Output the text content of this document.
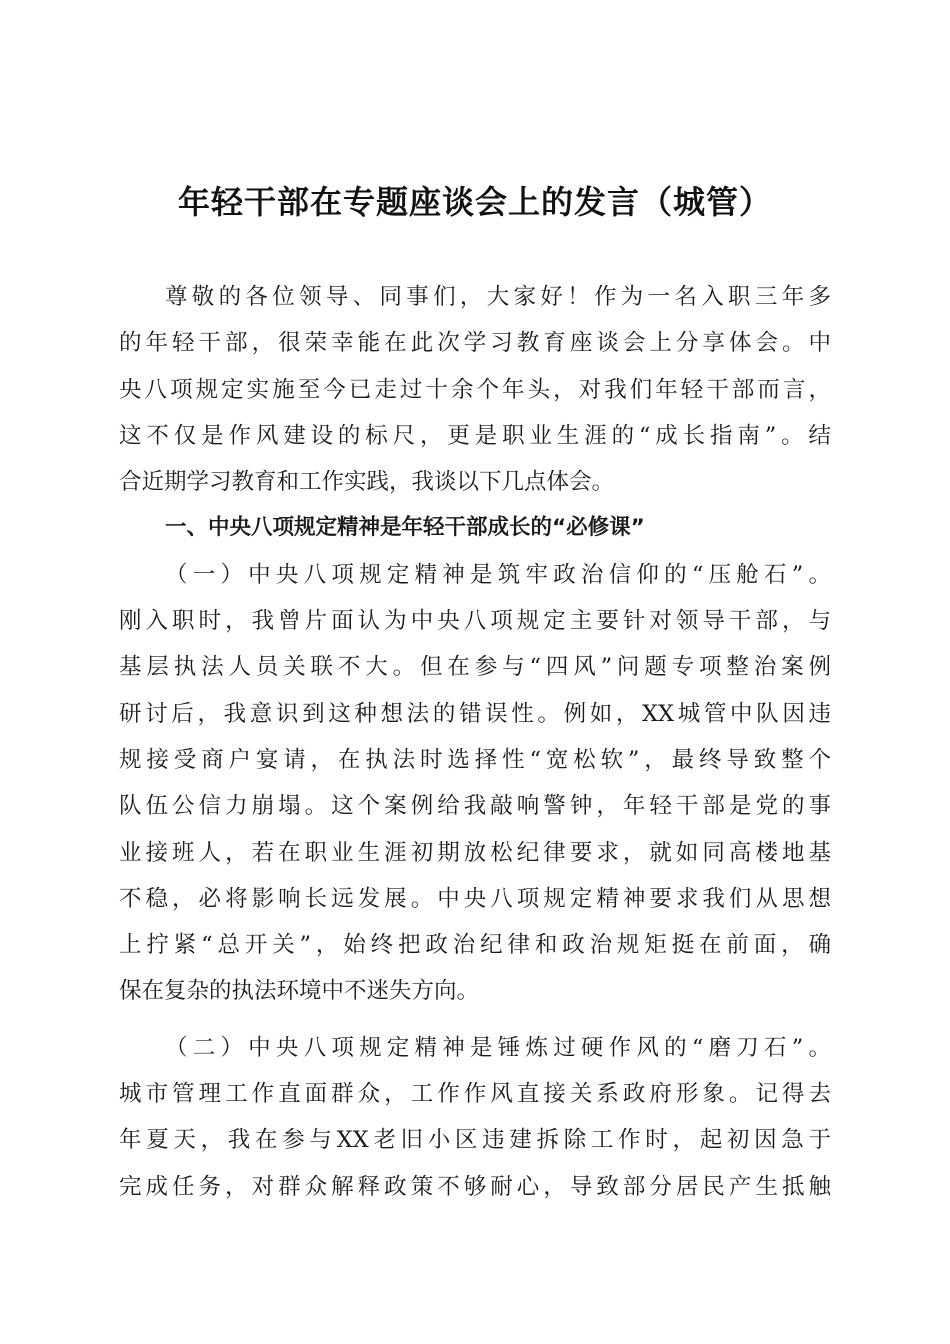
年轻干部在专题座谈会上的发言（城管）
尊敬的各位领导、同事们，大家好！作为一名入职三年多
的年轻干部，很荣幸能在此次学习教育座谈会上分享体会。中
央八项规定实施至今已走过十余个年头，对我们年轻干部而言，
这不仅是作风建设的标尺，更是职业生涯的“成长指南”。结
合近期学习教育和工作实践，我谈以下几点体会。
一、中央八项规定精神是年轻干部成长的“必修课”
（一）中央八项规定精神是筑牢政治信仰的“压舱石”。
刚入职时，我曾片面认为中央八项规定主要针对领导干部，与
基层执法人员关联不大。但在参与“四风”问题专项整治案例
研讨后，我意识到这种想法的错误性。例如，XX城管中队因违
规接受商户宴请，在执法时选择性“宽松软”，最终导致整个
队伍公信力崩塌。这个案例给我敲响警钟，年轻干部是党的事
业接班人，若在职业生涯初期放松纪律要求，就如同高楼地基
不稳，必将影响长远发展。中央八项规定精神要求我们从思想
上拧紧“总开关”，始终把政治纪律和政治规矩挺在前面，确
保在复杂的执法环境中不迷失方向。
（二）中央八项规定精神是锤炼过硬作风的“磨刀石”。
城市管理工作直面群众，工作作风直接关系政府形象。记得去
年夏天，我在参与XX老旧小区违建拆除工作时，起初因急于
完成任务，对群众解释政策不够耐心，导致部分居民产生抵触
